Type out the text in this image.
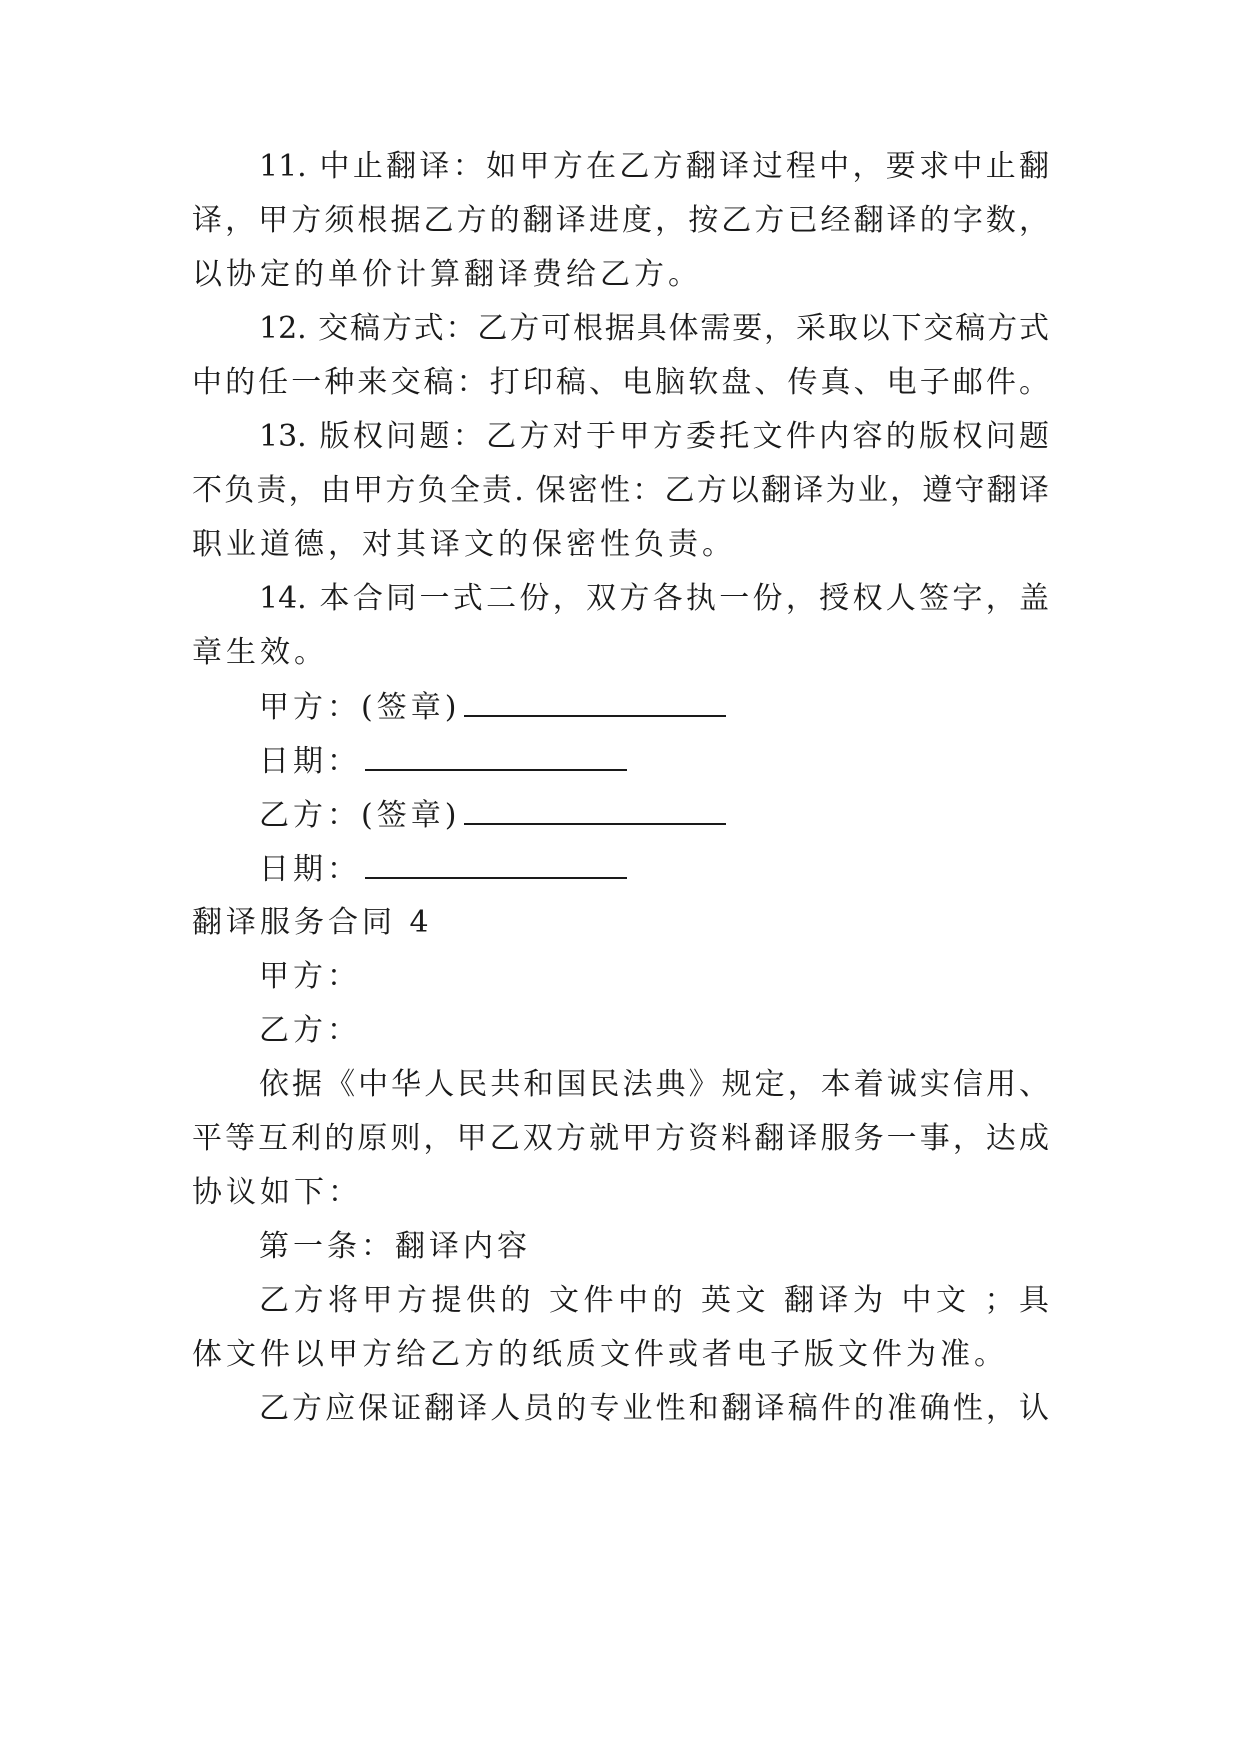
11. 中止翻译：如甲方在乙方翻译过程中，要求中止翻
译，甲方须根据乙方的翻译进度，按乙方已经翻译的字数，
以协定的单价计算翻译费给乙方。
12. 交稿方式：乙方可根据具体需要，采取以下交稿方式
中的任一种来交稿：打印稿、电脑软盘、传真、电子邮件。
13. 版权问题：乙方对于甲方委托文件内容的版权问题
不负责，由甲方负全责. 保密性：乙方以翻译为业，遵守翻译
职业道德，对其译文的保密性负责。
14. 本合同一式二份，双方各执一份，授权人签字，盖
章生效。
甲方：(签章)
日期：
乙方：(签章)
日期：
翻译服务合同 4
甲方：
乙方：
依据《中华人民共和国民法典》规定，本着诚实信用、
平等互利的原则，甲乙双方就甲方资料翻译服务一事，达成
协议如下：
第一条：翻译内容
乙方将甲方提供的 文件中的 英文 翻译为 中文 ；具
体文件以甲方给乙方的纸质文件或者电子版文件为准。
乙方应保证翻译人员的专业性和翻译稿件的准确性，认
